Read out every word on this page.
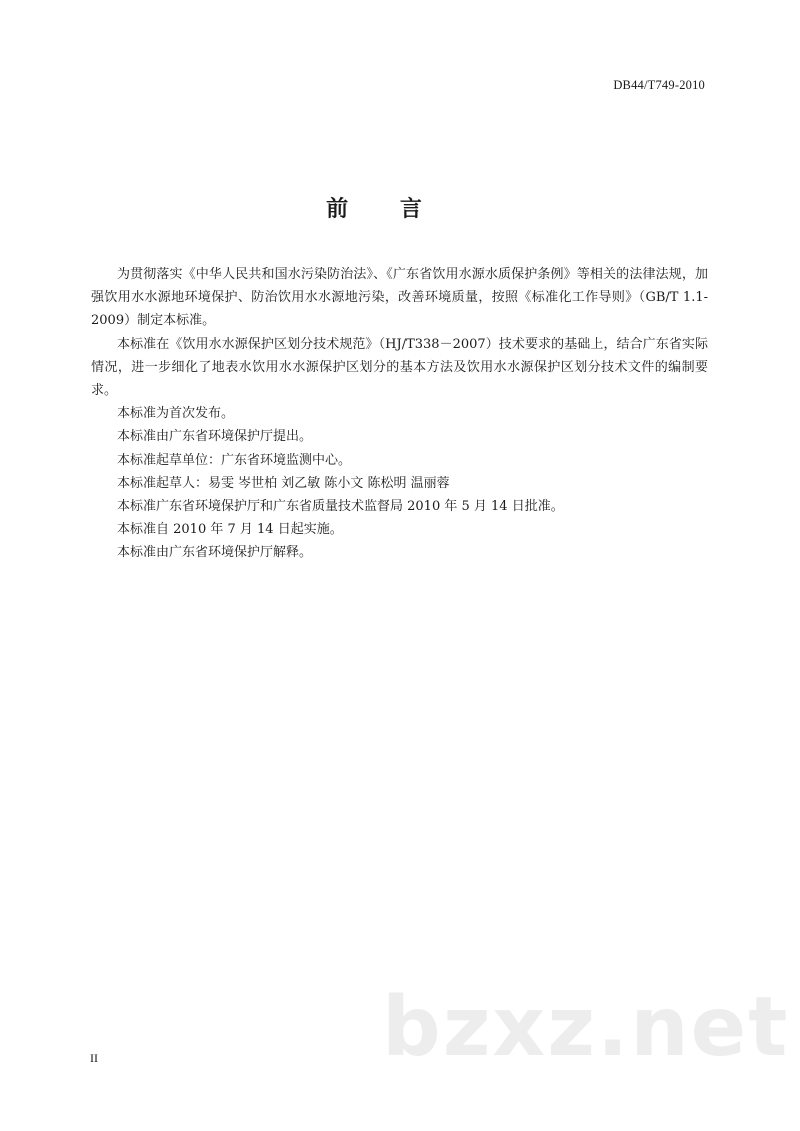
DB44/T749-2010
前 言

为贯彻落实《中华人民共和国水污染防治法》、《广东省饮用水源水质保护条例》等相关的法律法规，加强饮用水水源地环境保护、防治饮用水水源地污染，改善环境质量，按照《标准化工作导则》（GB/T 1.1-2009）制定本标准。

本标准在《饮用水水源保护区划分技术规范》（HJ/T338－2007）技术要求的基础上，结合广东省实际情况，进一步细化了地表水饮用水水源保护区划分的基本方法及饮用水水源保护区划分技术文件的编制要求。

本标准为首次发布。

本标准由广东省环境保护厅提出。

本标准起草单位：广东省环境监测中心。

本标准起草人：易雯 岑世柏 刘乙敏 陈小文 陈松明 温丽蓉

本标准广东省环境保护厅和广东省质量技术监督局 2010 年 5 月 14 日批准。

本标准自 2010 年 7 月 14 日起实施。

本标准由广东省环境保护厅解释。

bzxz.net
II
